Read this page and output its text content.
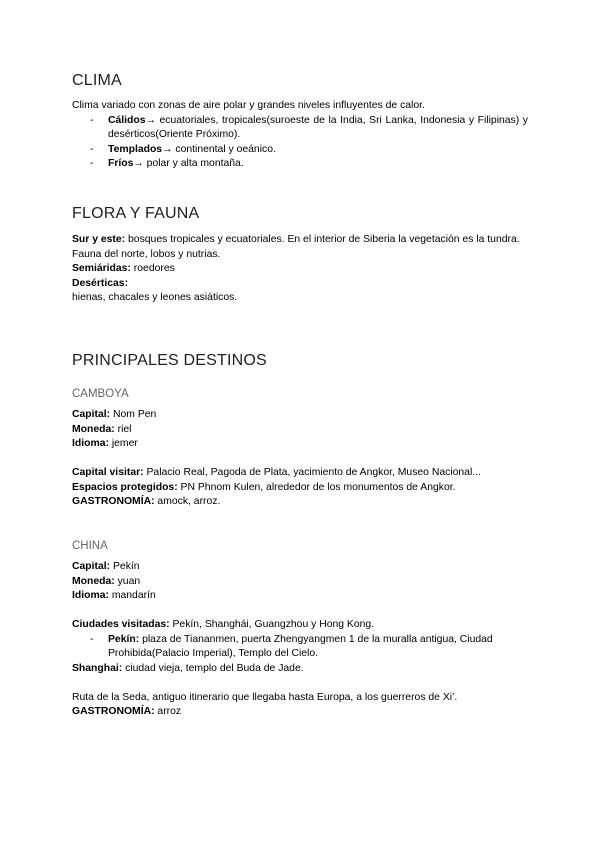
CLIMA

Clima variado con zonas de aire polar y grandes niveles influyentes de calor.

- Cálidos→ ecuatoriales, tropicales(suroeste de la India, Sri Lanka, Indonesia y Filipinas) y desérticos(Oriente Próximo).

- Templados→ continental y oeánico.

- Fríos→ polar y alta montaña.

FLORA Y FAUNA

Sur y este: bosques tropicales y ecuatoriales. En el interior de Siberia la vegetación es la tundra.

Fauna del norte, lobos y nutrias.

Semiáridas: roedores

Desérticas:

hienas, chacales y leones asiáticos.

PRINCIPALES DESTINOS
CAMBOYA

Capital: Nom Pen

Moneda: riel

Idioma: jemer

Capital visitar: Palacio Real, Pagoda de Plata, yacimiento de Angkor, Museo Nacional...

Espacios protegidos: PN Phnom Kulen, alrededor de los monumentos de Angkor.

GASTRONOMÍA: amock, arroz.

CHINA

Capital: Pekín

Moneda: yuan

Idioma: mandarín

Ciudades visitadas: Pekín, Shanghái, Guangzhou y Hong Kong.

- Pekín: plaza de Tiananmen, puerta Zhengyangmen 1 de la muralla antigua, Ciudad Prohibida(Palacio Imperial), Templo del Cielo.

Shanghai: ciudad vieja, templo del Buda de Jade.

Ruta de la Seda, antiguo itinerario que llegaba hasta Europa, a los guerreros de Xi’.

GASTRONOMÍA: arroz
